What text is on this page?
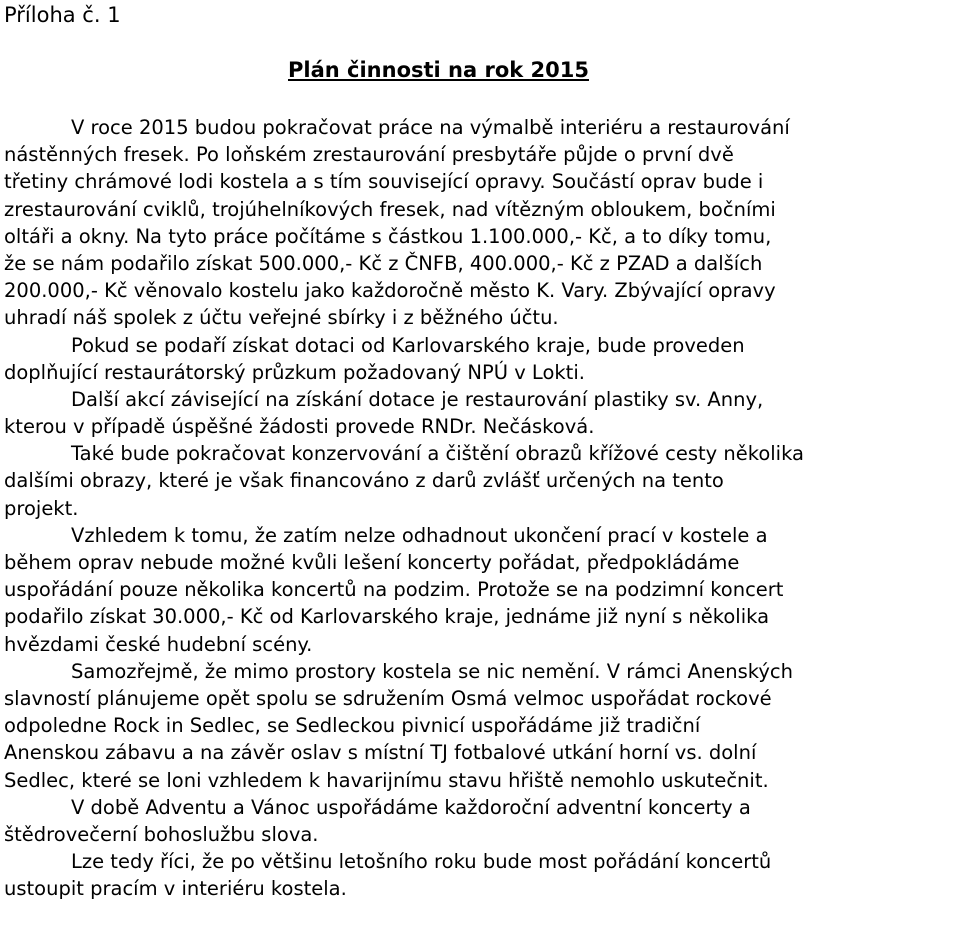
Příloha č. 1
Plán činnosti na rok 2015
V roce 2015 budou pokračovat práce na výmalbě interiéru a restaurování
nástěnných fresek. Po loňském zrestaurování presbytáře půjde o první dvě
třetiny chrámové lodi kostela a s tím související opravy. Součástí oprav bude i
zrestaurování cviklů, trojúhelníkových fresek, nad vítězným obloukem, bočními
oltáři a okny. Na tyto práce počítáme s částkou 1.100.000,- Kč, a to díky tomu,
že se nám podařilo získat 500.000,- Kč z ČNFB, 400.000,- Kč z PZAD a dalších
200.000,- Kč věnovalo kostelu jako každoročně město K. Vary. Zbývající opravy
uhradí náš spolek z účtu veřejné sbírky i z běžného účtu.
Pokud se podaří získat dotaci od Karlovarského kraje, bude proveden
doplňující restaurátorský průzkum požadovaný NPÚ v Lokti.
Další akcí závisející na získání dotace je restaurování plastiky sv. Anny,
kterou v případě úspěšné žádosti provede RNDr. Nečásková.
Také bude pokračovat konzervování a čištění obrazů křížové cesty několika
dalšími obrazy, které je však financováno z darů zvlášť určených na tento
projekt.
Vzhledem k tomu, že zatím nelze odhadnout ukončení prací v kostele a
během oprav nebude možné kvůli lešení koncerty pořádat, předpokládáme
uspořádání pouze několika koncertů na podzim. Protože se na podzimní koncert
podařilo získat 30.000,- Kč od Karlovarského kraje, jednáme již nyní s několika
hvězdami české hudební scény.
Samozřejmě, že mimo prostory kostela se nic nemění. V rámci Anenských
slavností plánujeme opět spolu se sdružením Osmá velmoc uspořádat rockové
odpoledne Rock in Sedlec, se Sedleckou pivnicí uspořádáme již tradiční
Anenskou zábavu a na závěr oslav s místní TJ fotbalové utkání horní vs. dolní
Sedlec, které se loni vzhledem k havarijnímu stavu hřiště nemohlo uskutečnit.
V době Adventu a Vánoc uspořádáme každoroční adventní koncerty a
štědrovečerní bohoslužbu slova.
Lze tedy říci, že po většinu letošního roku bude most pořádání koncertů
ustoupit pracím v interiéru kostela.
